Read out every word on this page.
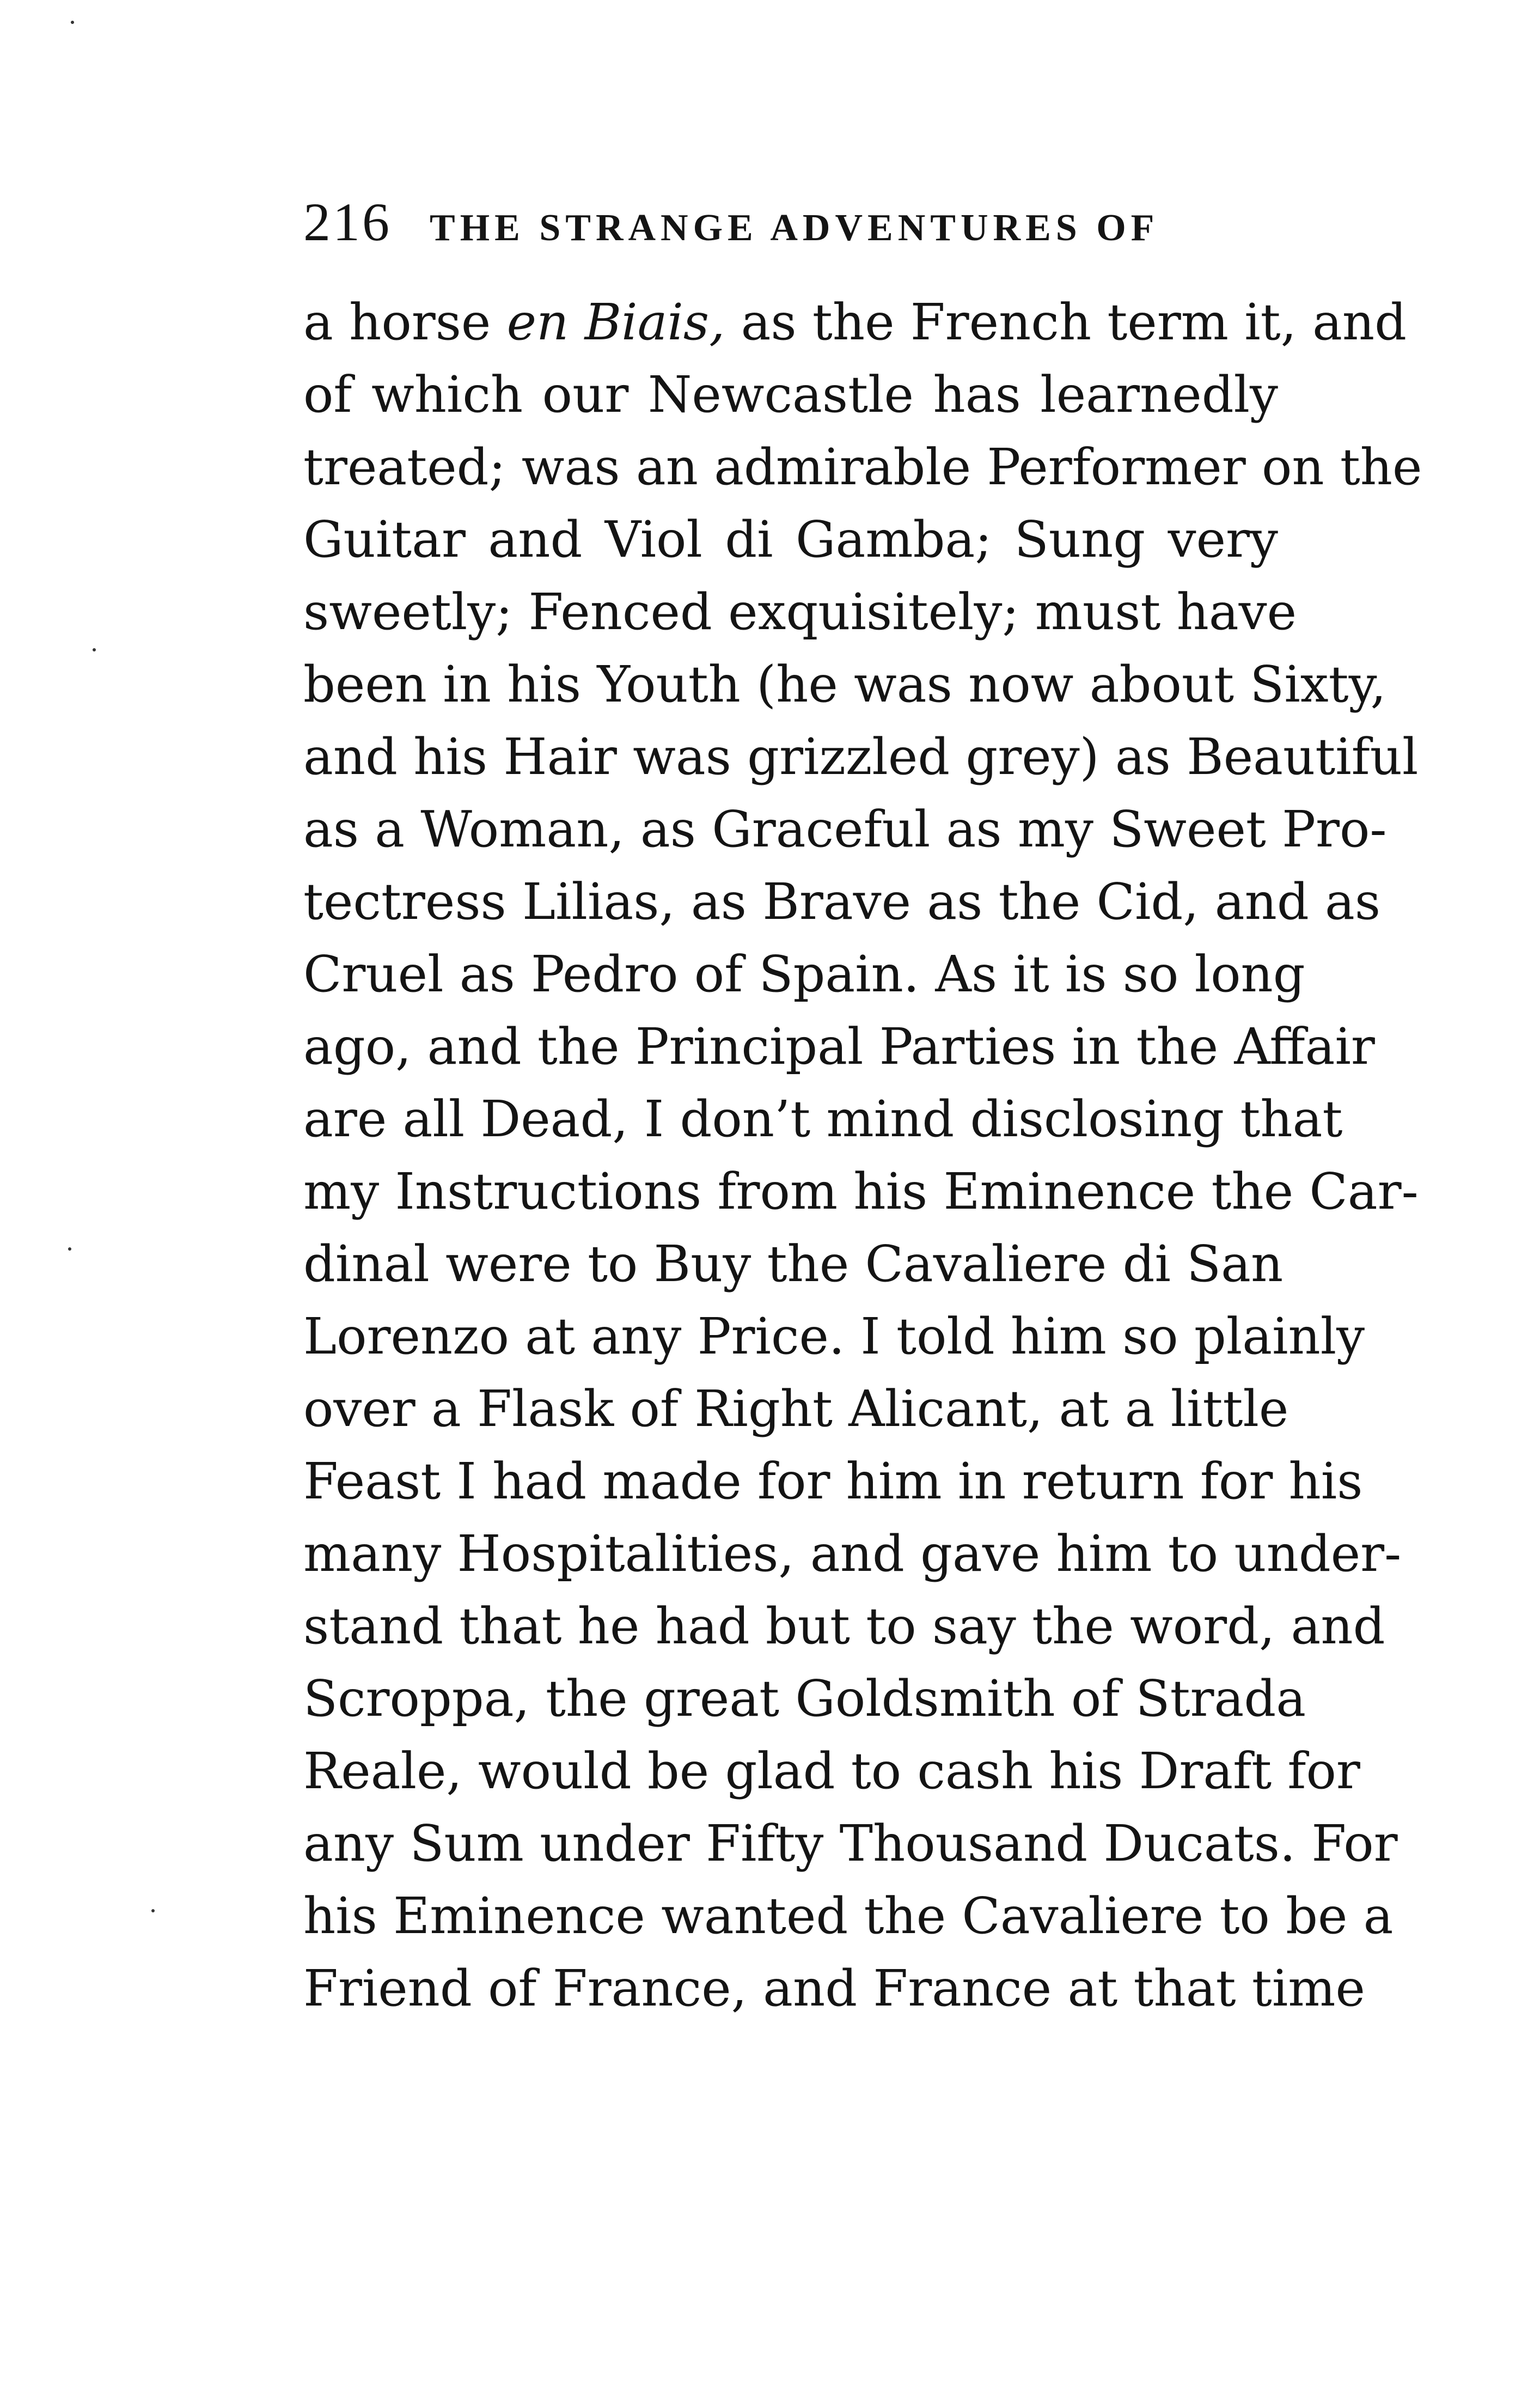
216 THE STRANGE ADVENTURES OF
a horse en Biais, as the French term it, and
of which our Newcastle has learnedly
treated; was an admirable Performer on the
Guitar and Viol di Gamba; Sung very
sweetly; Fenced exquisitely; must have
been in his Youth (he was now about Sixty,
and his Hair was grizzled grey) as Beautiful
as a Woman, as Graceful as my Sweet Pro-
tectress Lilias, as Brave as the Cid, and as
Cruel as Pedro of Spain. As it is so long
ago, and the Principal Parties in the Affair
are all Dead, I don’t mind disclosing that
my Instructions from his Eminence the Car-
dinal were to Buy the Cavaliere di San
Lorenzo at any Price. I told him so plainly
over a Flask of Right Alicant, at a little
Feast I had made for him in return for his
many Hospitalities, and gave him to under-
stand that he had but to say the word, and
Scroppa, the great Goldsmith of Strada
Reale, would be glad to cash his Draft for
any Sum under Fifty Thousand Ducats. For
his Eminence wanted the Cavaliere to be a
Friend of France, and France at that time
